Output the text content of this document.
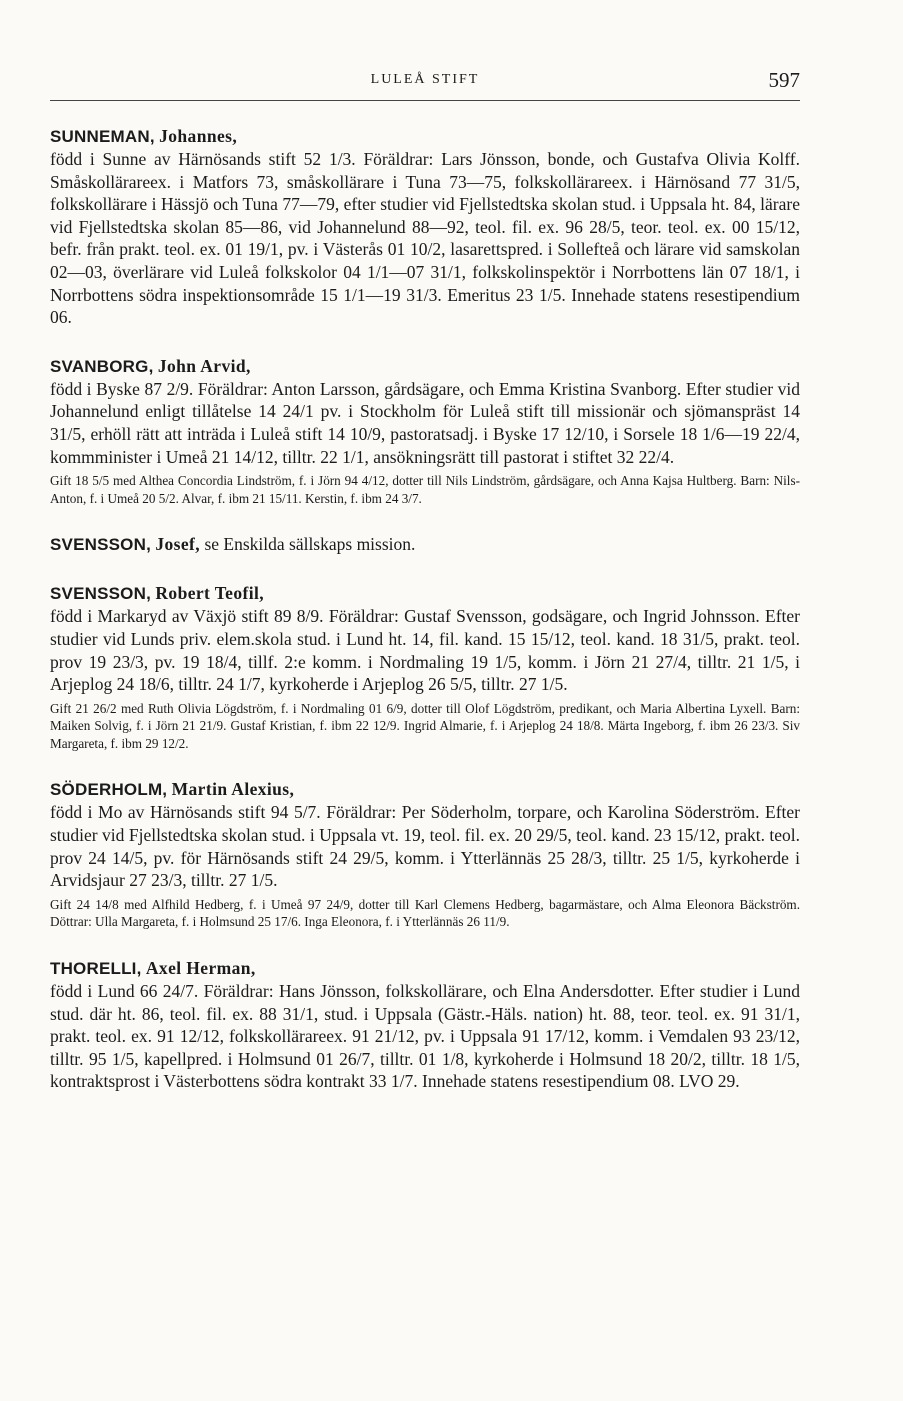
LULEÅ STIFT	597
SUNNEMAN, Johannes,
född i Sunne av Härnösands stift 52 1/3. Föräldrar: Lars Jönsson, bonde, och Gustafva Olivia Kolff. Småskollärareex. i Matfors 73, småskollärare i Tuna 73—75, folkskollärareex. i Härnösand 77 31/5, folkskollärare i Hässjö och Tuna 77—79, efter studier vid Fjellstedtska skolan stud. i Uppsala ht. 84, lärare vid Fjellstedtska skolan 85—86, vid Johannelund 88—92, teol. fil. ex. 96 28/5, teor. teol. ex. 00 15/12, befr. från prakt. teol. ex. 01 19/1, pv. i Västerås 01 10/2, lasarettspred. i Sollefteå och lärare vid samskolan 02—03, överlärare vid Luleå folkskolor 04 1/1—07 31/1, folkskolinspektör i Norrbottens län 07 18/1, i Norrbottens södra inspektionsområde 15 1/1—19 31/3. Emeritus 23 1/5. Innehade statens resestipendium 06.
SVANBORG, John Arvid,
född i Byske 87 2/9. Föräldrar: Anton Larsson, gårdsägare, och Emma Kristina Svanborg. Efter studier vid Johannelund enligt tillåtelse 14 24/1 pv. i Stockholm för Luleå stift till missionär och sjömanspräst 14 31/5, erhöll rätt att inträda i Luleå stift 14 10/9, pastoratsadj. i Byske 17 12/10, i Sorsele 18 1/6—19 22/4, kommminister i Umeå 21 14/12, tilltr. 22 1/1, ansökningsrätt till pastorat i stiftet 32 22/4.
Gift 18 5/5 med Althea Concordia Lindström, f. i Jörn 94 4/12, dotter till Nils Lindström, gårdsägare, och Anna Kajsa Hultberg. Barn: Nils-Anton, f. i Umeå 20 5/2. Alvar, f. ibm 21 15/11. Kerstin, f. ibm 24 3/7.
SVENSSON, Josef, se Enskilda sällskaps mission.
SVENSSON, Robert Teofil,
född i Markaryd av Växjö stift 89 8/9. Föräldrar: Gustaf Svensson, godsägare, och Ingrid Johnsson. Efter studier vid Lunds priv. elem.skola stud. i Lund ht. 14, fil. kand. 15 15/12, teol. kand. 18 31/5, prakt. teol. prov 19 23/3, pv. 19 18/4, tillf. 2:e komm. i Nordmaling 19 1/5, komm. i Jörn 21 27/4, tilltr. 21 1/5, i Arjeplog 24 18/6, tilltr. 24 1/7, kyrkoherde i Arjeplog 26 5/5, tilltr. 27 1/5.
Gift 21 26/2 med Ruth Olivia Lögdström, f. i Nordmaling 01 6/9, dotter till Olof Lögdström, predikant, och Maria Albertina Lyxell. Barn: Maiken Solvig, f. i Jörn 21 21/9. Gustaf Kristian, f. ibm 22 12/9. Ingrid Almarie, f. i Arjeplog 24 18/8. Märta Ingeborg, f. ibm 26 23/3. Siv Margareta, f. ibm 29 12/2.
SÖDERHOLM, Martin Alexius,
född i Mo av Härnösands stift 94 5/7. Föräldrar: Per Söderholm, torpare, och Karolina Söderström. Efter studier vid Fjellstedtska skolan stud. i Uppsala vt. 19, teol. fil. ex. 20 29/5, teol. kand. 23 15/12, prakt. teol. prov 24 14/5, pv. för Härnösands stift 24 29/5, komm. i Ytterlännäs 25 28/3, tilltr. 25 1/5, kyrkoherde i Arvidsjaur 27 23/3, tilltr. 27 1/5.
Gift 24 14/8 med Alfhild Hedberg, f. i Umeå 97 24/9, dotter till Karl Clemens Hedberg, bagarmästare, och Alma Eleonora Bäckström. Döttrar: Ulla Margareta, f. i Holmsund 25 17/6. Inga Eleonora, f. i Ytterlännäs 26 11/9.
THORELLI, Axel Herman,
född i Lund 66 24/7. Föräldrar: Hans Jönsson, folkskollärare, och Elna Andersdotter. Efter studier i Lund stud. där ht. 86, teol. fil. ex. 88 31/1, stud. i Uppsala (Gästr.-Häls. nation) ht. 88, teor. teol. ex. 91 31/1, prakt. teol. ex. 91 12/12, folkskollärareex. 91 21/12, pv. i Uppsala 91 17/12, komm. i Vemdalen 93 23/12, tilltr. 95 1/5, kapellpred. i Holmsund 01 26/7, tilltr. 01 1/8, kyrkoherde i Holmsund 18 20/2, tilltr. 18 1/5, kontraktsprost i Västerbottens södra kontrakt 33 1/7. Innehade statens resestipendium 08. LVO 29.
